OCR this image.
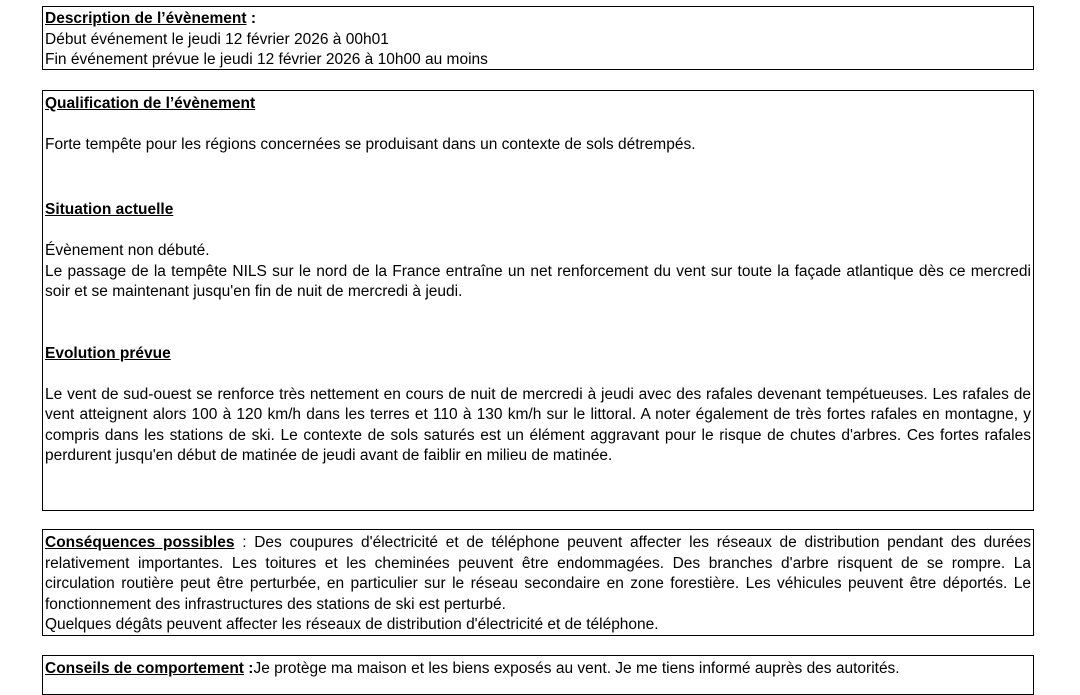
Description de l’évènement :

Début événement le jeudi 12 février 2026 à 00h01

Fin événement prévue le jeudi 12 février 2026 à 10h00 au moins

Qualification de l’évènement

Forte tempête pour les régions concernées se produisant dans un contexte de sols détrempés.

Situation actuelle

Évènement non débuté.

Le passage de la tempête NILS sur le nord de la France entraîne un net renforcement du vent sur toute la façade atlantique dès ce mercredi soir et se maintenant jusqu'en fin de nuit de mercredi à jeudi.

Evolution prévue

Le vent de sud-ouest se renforce très nettement en cours de nuit de mercredi à jeudi avec des rafales devenant tempétueuses. Les rafales de vent atteignent alors 100 à 120 km/h dans les terres et 110 à 130 km/h sur le littoral. A noter également de très fortes rafales en montagne, y compris dans les stations de ski. Le contexte de sols saturés est un élément aggravant pour le risque de chutes d'arbres. Ces fortes rafales perdurent jusqu'en début de matinée de jeudi avant de faiblir en milieu de matinée.

Conséquences possibles : Des coupures d'électricité et de téléphone peuvent affecter les réseaux de distribution pendant des durées relativement importantes. Les toitures et les cheminées peuvent être endommagées. Des branches d'arbre risquent de se rompre. La circulation routière peut être perturbée, en particulier sur le réseau secondaire en zone forestière. Les véhicules peuvent être déportés. Le fonctionnement des infrastructures des stations de ski est perturbé.

Quelques dégâts peuvent affecter les réseaux de distribution d'électricité et de téléphone.

Conseils de comportement :Je protège ma maison et les biens exposés au vent. Je me tiens informé auprès des autorités.
